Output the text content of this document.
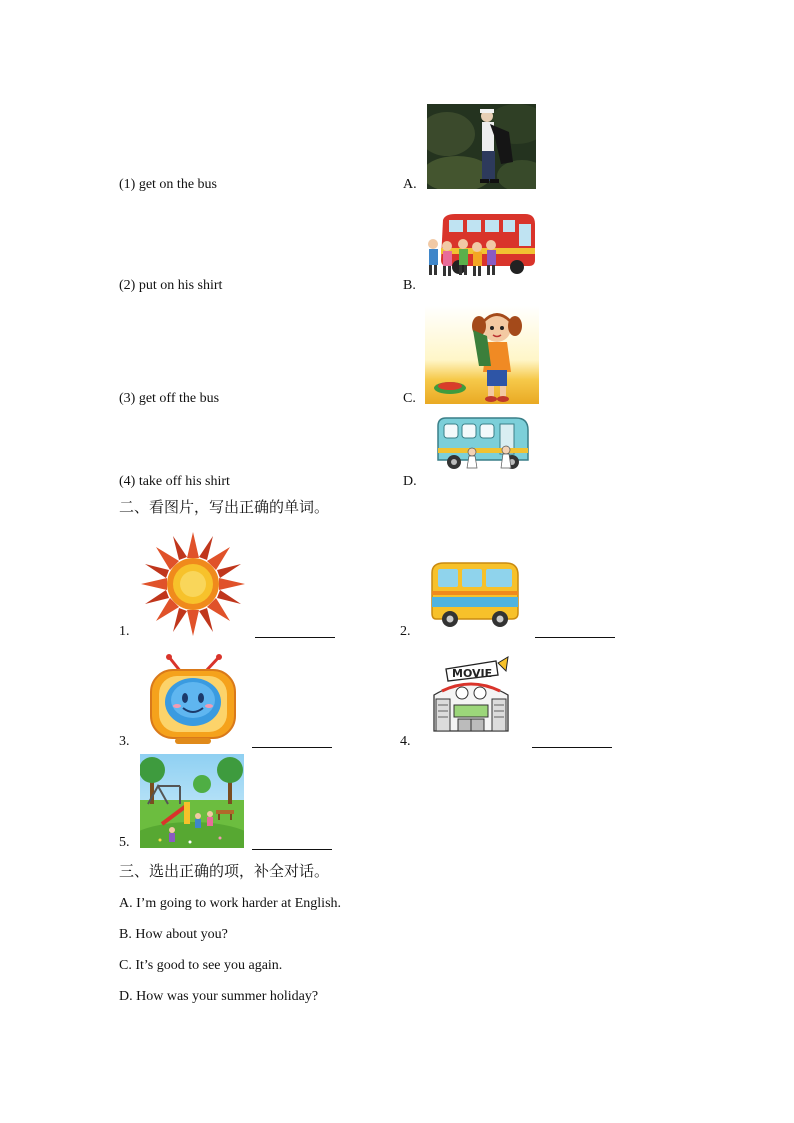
(1) get on the bus
(2) put on his shirt
(3) get off the bus
(4) take off his shirt
A.
B.
C.
D.
二、看图片，写出正确的单词。
1.	2.
3.	4.
5.
MOVIE
三、选出正确的项，补全对话。
A. I’m going to work harder at English.
B. How about you?
C. It’s good to see you again.
D. How was your summer holiday?
